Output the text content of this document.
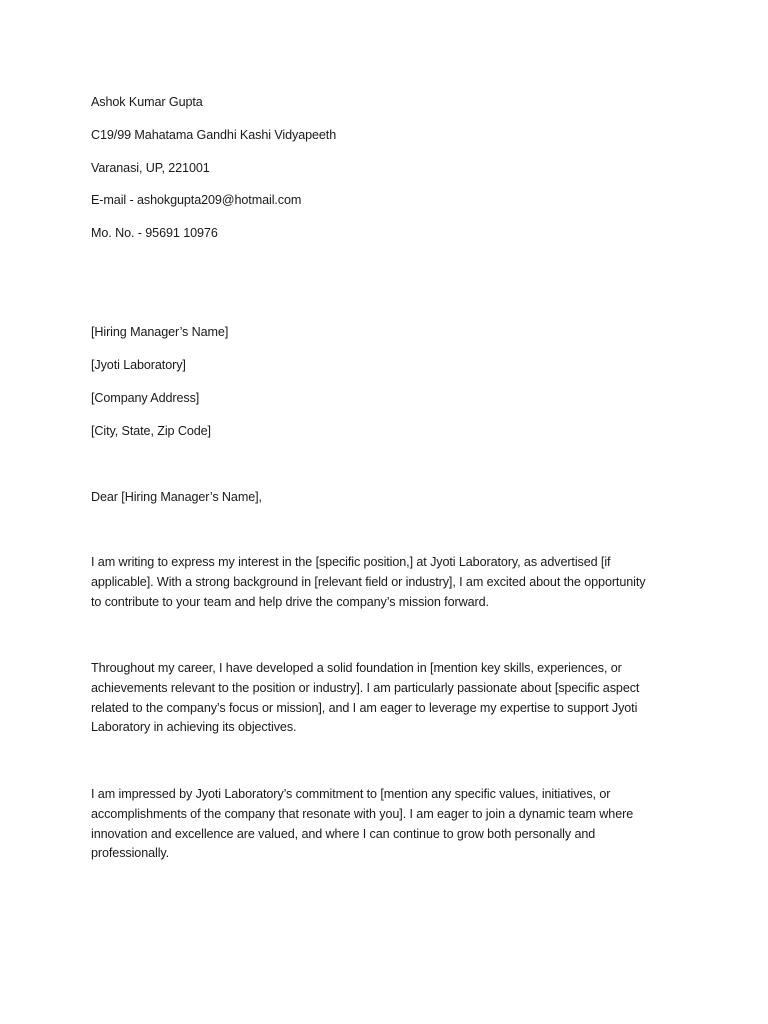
Ashok Kumar Gupta
C19/99 Mahatama Gandhi Kashi Vidyapeeth
Varanasi, UP, 221001
E-mail - ashokgupta209@hotmail.com
Mo. No. - 95691 10976
[Hiring Manager’s Name]
[Jyoti Laboratory]
[Company Address]
[City, State, Zip Code]
Dear [Hiring Manager’s Name],
I am writing to express my interest in the [specific position,] at Jyoti Laboratory, as advertised [if
applicable]. With a strong background in [relevant field or industry], I am excited about the opportunity
to contribute to your team and help drive the company’s mission forward.
Throughout my career, I have developed a solid foundation in [mention key skills, experiences, or
achievements relevant to the position or industry]. I am particularly passionate about [specific aspect
related to the company’s focus or mission], and I am eager to leverage my expertise to support Jyoti
Laboratory in achieving its objectives.
I am impressed by Jyoti Laboratory’s commitment to [mention any specific values, initiatives, or
accomplishments of the company that resonate with you]. I am eager to join a dynamic team where
innovation and excellence are valued, and where I can continue to grow both personally and
professionally.
